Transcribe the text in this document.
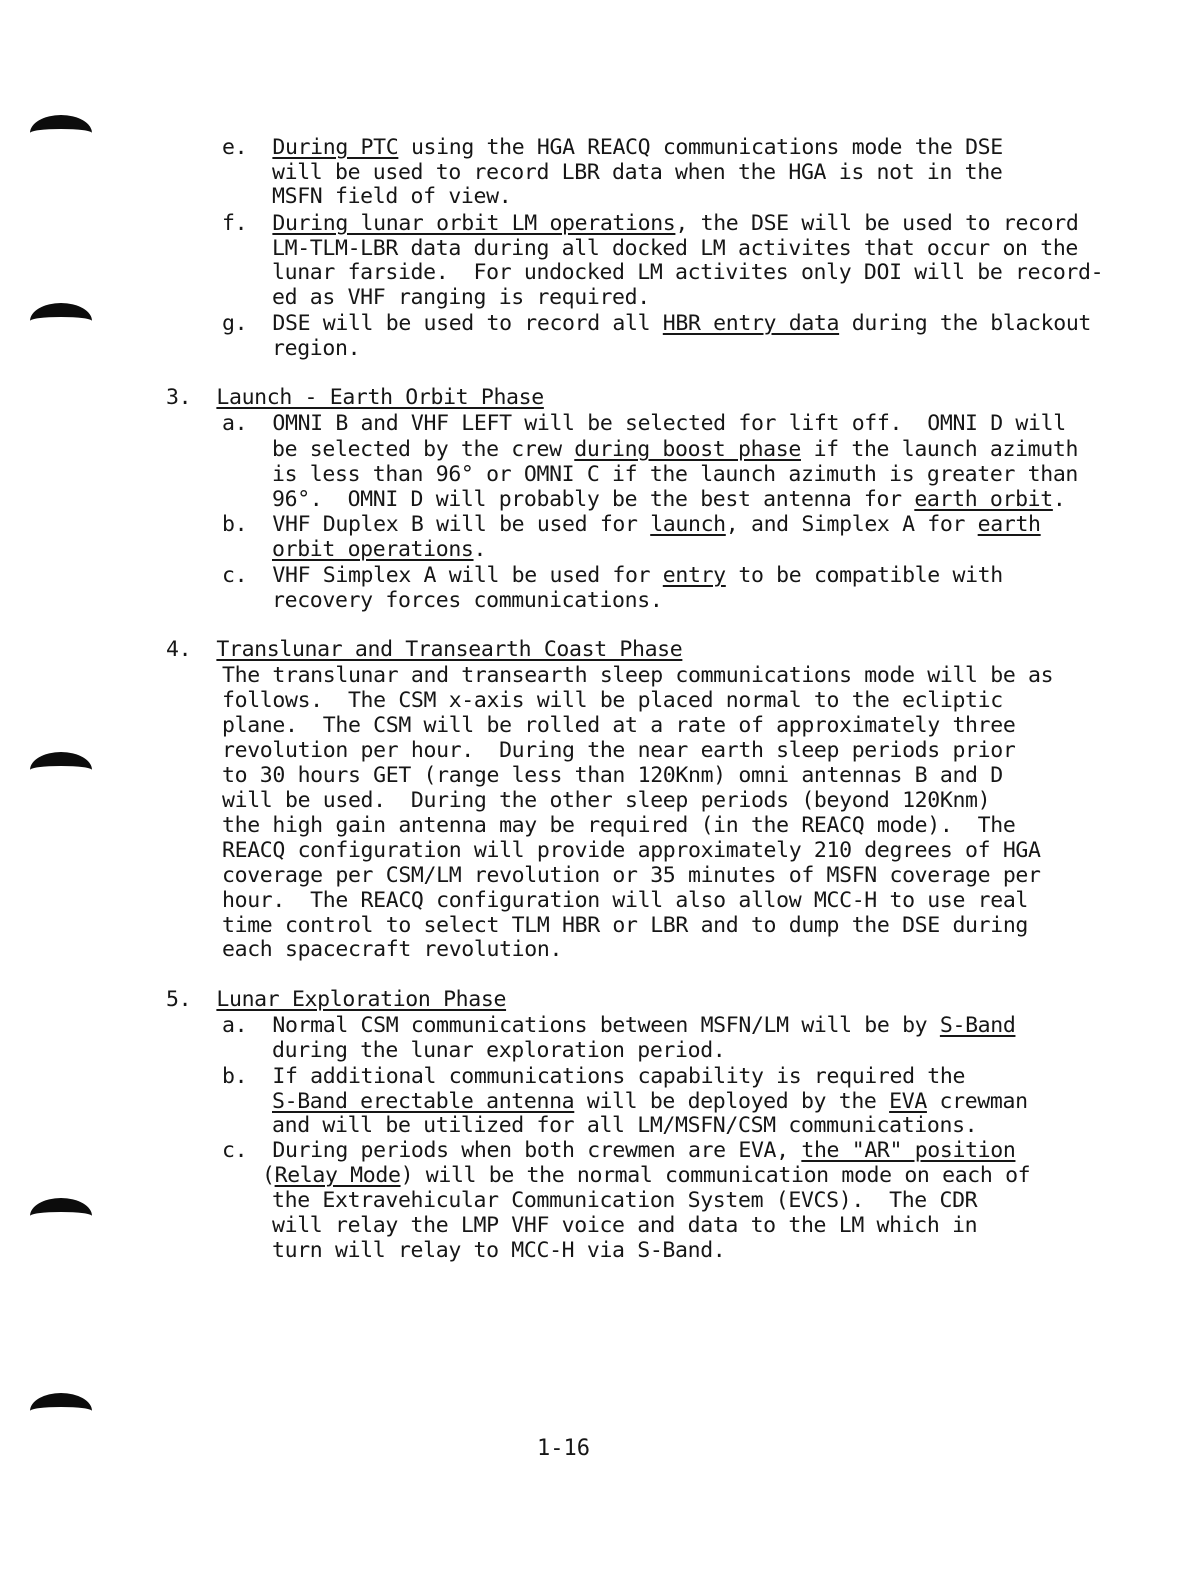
e.  During PTC using the HGA REACQ communications mode the DSE
will be used to record LBR data when the HGA is not in the
MSFN field of view.
f.  During lunar orbit LM operations, the DSE will be used to record
LM-TLM-LBR data during all docked LM activites that occur on the
lunar farside.  For undocked LM activites only DOI will be record-
ed as VHF ranging is required.
g.  DSE will be used to record all HBR entry data during the blackout
region.
3.  Launch - Earth Orbit Phase
a.  OMNI B and VHF LEFT will be selected for lift off.  OMNI D will
be selected by the crew during boost phase if the launch azimuth
is less than 96° or OMNI C if the launch azimuth is greater than
96°.  OMNI D will probably be the best antenna for earth orbit.
b.  VHF Duplex B will be used for launch, and Simplex A for earth
orbit operations.
c.  VHF Simplex A will be used for entry to be compatible with
recovery forces communications.
4.  Translunar and Transearth Coast Phase
The translunar and transearth sleep communications mode will be as
follows.  The CSM x-axis will be placed normal to the ecliptic
plane.  The CSM will be rolled at a rate of approximately three
revolution per hour.  During the near earth sleep periods prior
to 30 hours GET (range less than 120Knm) omni antennas B and D
will be used.  During the other sleep periods (beyond 120Knm)
the high gain antenna may be required (in the REACQ mode).  The
REACQ configuration will provide approximately 210 degrees of HGA
coverage per CSM/LM revolution or 35 minutes of MSFN coverage per
hour.  The REACQ configuration will also allow MCC-H to use real
time control to select TLM HBR or LBR and to dump the DSE during
each spacecraft revolution.
5.  Lunar Exploration Phase
a.  Normal CSM communications between MSFN/LM will be by S-Band
during the lunar exploration period.
b.  If additional communications capability is required the
S-Band erectable antenna will be deployed by the EVA crewman
and will be utilized for all LM/MSFN/CSM communications.
c.  During periods when both crewmen are EVA, the "AR" position
(Relay Mode) will be the normal communication mode on each of
the Extravehicular Communication System (EVCS).  The CDR
will relay the LMP VHF voice and data to the LM which in
turn will relay to MCC-H via S-Band.
1-16
